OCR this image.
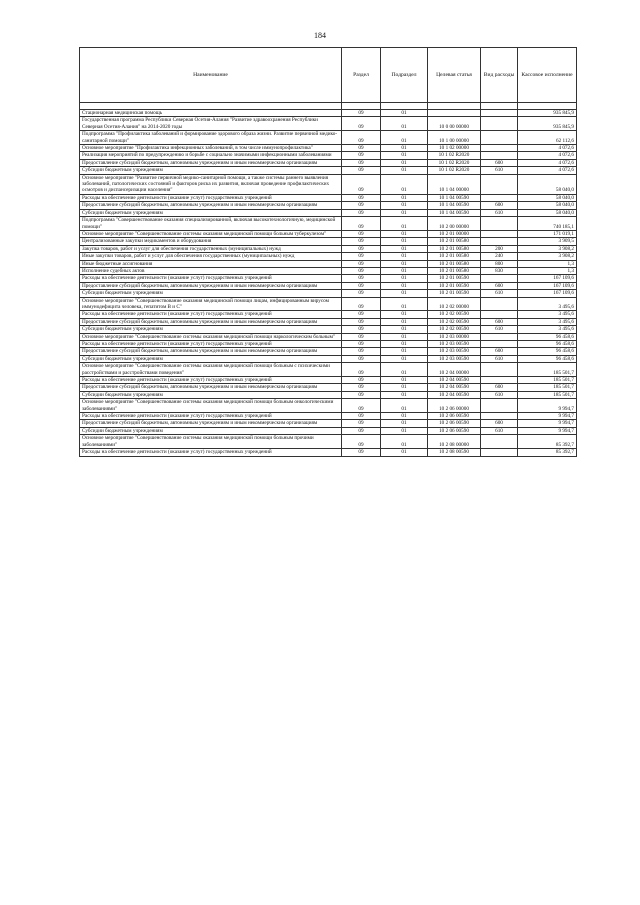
184
Наименование	Раздел	Подраздел	Целевая статья	Вид расходы	Кассовое исполнение

Стационарная медицинская помощь	09	01			935 845,9
Государственная программа Республики Северная Осетия-Алания "Развитие здравоохранения Республики Северная Осетия-Алания" на 2014-2020 годы	09	01	10 0 00 00000		935 845,9
Подпрограмма "Профилактика заболеваний и формирование здорового образа жизни. Развитие первичной медико-санитарной помощи"	09	01	10 1 00 00000		62 112,6
Основное мероприятие "Профилактика инфекционных заболеваний, в том числе иммунопрофилактика"	09	01	10 1 02 00000		4 072,6
Реализация мероприятий по предупреждению и борьбе с социально значимыми инфекционными заболеваниями	09	01	10 1 02 R2020		4 072,6
Предоставление субсидий бюджетным, автономным учреждениям и иным некоммерческим организациям	09	01	10 1 02 R2020	600	4 072,6
Субсидии бюджетным учреждениям	09	01	10 1 02 R2020	610	4 072,6
Основное мероприятие "Развитие первичной медико-санитарной помощи, а также системы раннего выявления заболеваний, патологических состояний и факторов риска их развития, включая проведение профилактических осмотров и диспансеризации населения"	09	01	10 1 04 00000		58 040,0
Расходы на обеспечение деятельности (оказание услуг) государственных учреждений	09	01	10 1 04 00590		58 040,0
Предоставление субсидий бюджетным, автономным учреждениям и иным некоммерческим организациям	09	01	10 1 04 00590	600	58 040,0
Субсидии бюджетным учреждениям	09	01	10 1 04 00590	610	58 040,0
Подпрограмма "Совершенствование оказания специализированной, включая высокотехнологичную, медицинской помощи"	09	01	10 2 00 00000		740 185,1
Основное мероприятие "Совершенствование системы оказания медицинской помощи больным туберкулезом"	09	01	10 2 01 00000		171 019,1
Централизованные закупки медикаментов и оборудования	09	01	10 2 01 00580		3 909,5
Закупка товаров, работ и услуг для обеспечения государственных (муниципальных) нужд	09	01	10 2 01 00580	200	3 908,2
Иные закупки товаров, работ и услуг для обеспечения государственных (муниципальных) нужд	09	01	10 2 01 00580	240	3 908,2
Иные бюджетные ассигнования	09	01	10 2 01 00580	800	1,3
Исполнение судебных актов	09	01	10 2 01 00580	830	1,3
Расходы на обеспечение деятельности (оказание услуг) государственных учреждений	09	01	10 2 01 00590		167 109,6
Предоставление субсидий бюджетным, автономным учреждениям и иным некоммерческим организациям	09	01	10 2 01 00590	600	167 109,6
Субсидии бюджетным учреждениям	09	01	10 2 01 00590	610	167 109,6
Основное мероприятие "Совершенствование оказания медицинской помощи лицам, инфицированным вирусом иммунодефицита человека, гепатитом B и C"	09	01	10 2 02 00000		3 495,6
Расходы на обеспечение деятельности (оказание услуг) государственных учреждений	09	01	10 2 02 00590		3 495,6
Предоставление субсидий бюджетным, автономным учреждениям и иным некоммерческим организациям	09	01	10 2 02 00590	600	3 495,6
Субсидии бюджетным учреждениям	09	01	10 2 02 00590	610	3 495,6
Основное мероприятие "Совершенствование системы оказания медицинской помощи наркологическим больным"	09	01	10 2 03 00000		96 458,6
Расходы на обеспечение деятельности (оказание услуг) государственных учреждений	09	01	10 2 03 00590		96 458,6
Предоставление субсидий бюджетным, автономным учреждениям и иным некоммерческим организациям	09	01	10 2 03 00590	600	96 458,6
Субсидии бюджетным учреждениям	09	01	10 2 03 00590	610	96 458,6
Основное мероприятие "Совершенствование системы оказания медицинской помощи больным с психическими расстройствами и расстройствами поведения"	09	01	10 2 04 00000		185 501,7
Расходы на обеспечение деятельности (оказание услуг) государственных учреждений	09	01	10 2 04 00590		185 501,7
Предоставление субсидий бюджетным, автономным учреждениям и иным некоммерческим организациям	09	01	10 2 04 00590	600	185 501,7
Субсидии бюджетным учреждениям	09	01	10 2 04 00590	610	185 501,7
Основное мероприятие "Совершенствование системы оказания медицинской помощи больным онкологическими заболеваниями"	09	01	10 2 06 00000		9 994,7
Расходы на обеспечение деятельности (оказание услуг) государственных учреждений	09	01	10 2 06 00590		9 994,7
Предоставление субсидий бюджетным, автономным учреждениям и иным некоммерческим организациям	09	01	10 2 06 00590	600	9 994,7
Субсидии бюджетным учреждениям	09	01	10 2 06 00590	610	9 994,7
Основное мероприятие "Совершенствование системы оказания медицинской помощи больным прочими заболеваниями"	09	01	10 2 08 00000		85 392,7
Расходы на обеспечение деятельности (оказание услуг) государственных учреждений	09	01	10 2 08 00590		85 392,7
